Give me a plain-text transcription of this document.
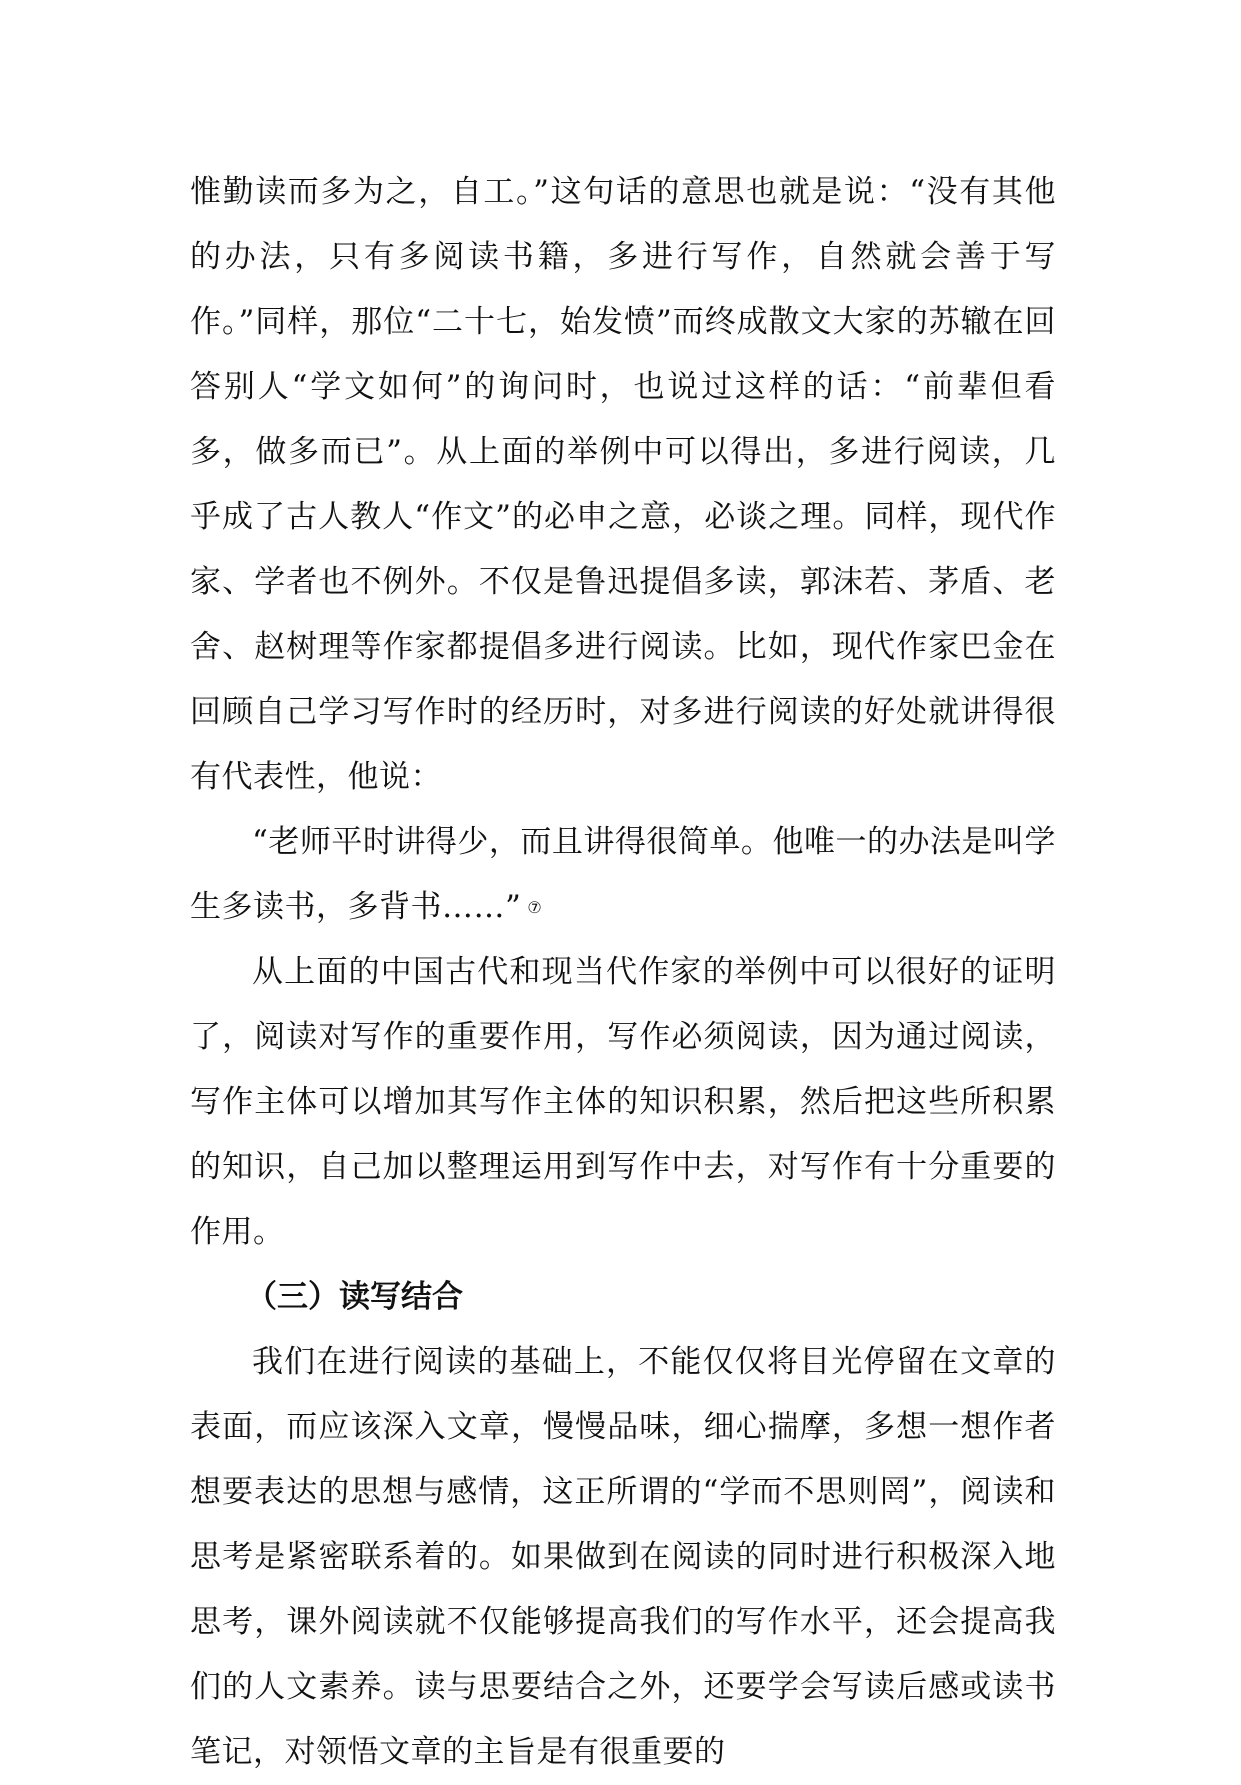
惟勤读而多为之，自工。”这句话的意思也就是说：“没有其他的办法，只有多阅读书籍，多进行写作，自然就会善于写作。”同样，那位“二十七，始发愤”而终成散文大家的苏辙在回答别人“学文如何”的询问时，也说过这样的话：“前辈但看多，做多而已”。从上面的举例中可以得出，多进行阅读，几乎成了古人教人“作文”的必申之意，必谈之理。同样，现代作家、学者也不例外。不仅是鲁迅提倡多读，郭沫若、茅盾、老舍、赵树理等作家都提倡多进行阅读。比如，现代作家巴金在回顾自己学习写作时的经历时，对多进行阅读的好处就讲得很有代表性，他说：

“老师平时讲得少，而且讲得很简单。他唯一的办法是叫学生多读书，多背书……” ⑦

从上面的中国古代和现当代作家的举例中可以很好的证明了，阅读对写作的重要作用，写作必须阅读，因为通过阅读，写作主体可以增加其写作主体的知识积累，然后把这些所积累的知识，自己加以整理运用到写作中去，对写作有十分重要的作用。

（三）读写结合

我们在进行阅读的基础上，不能仅仅将目光停留在文章的表面，而应该深入文章，慢慢品味，细心揣摩，多想一想作者想要表达的思想与感情，这正所谓的“学而不思则罔”，阅读和思考是紧密联系着的。如果做到在阅读的同时进行积极深入地思考，课外阅读就不仅能够提高我们的写作水平，还会提高我们的人文素养。读与思要结合之外，还要学会写读后感或读书笔记，对领悟文章的主旨是有很重要的
